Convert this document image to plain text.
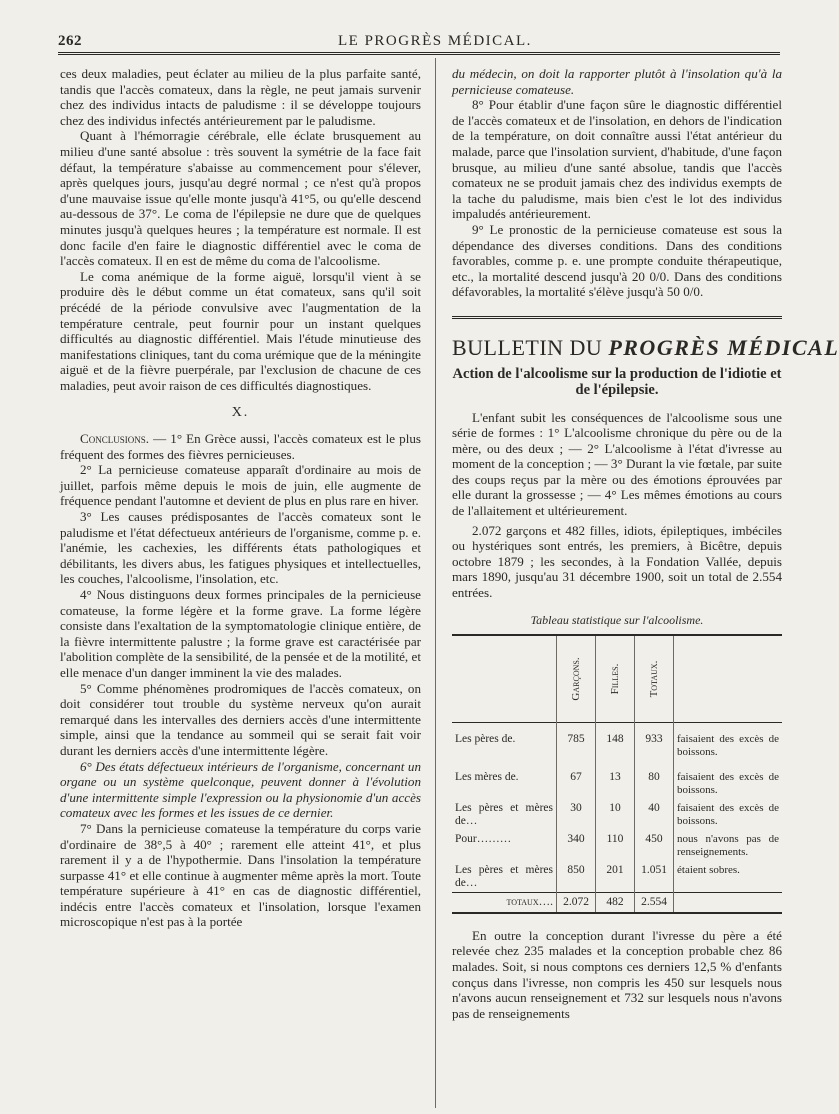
262	LE PROGRÈS MÉDICAL.

ces deux maladies, peut éclater au milieu de la plus parfaite santé, tandis que l'accès comateux, dans la règle, ne peut jamais survenir chez des individus intacts de paludisme : il se développe toujours chez des individus infectés antérieurement par le paludisme.

Quant à l'hémorragie cérébrale, elle éclate brusquement au milieu d'une santé absolue : très souvent la symétrie de la face fait défaut, la température s'abaisse au commencement pour s'élever, après quelques jours, jusqu'au degré normal ; ce n'est qu'à propos d'une mauvaise issue qu'elle monte jusqu'à 41°5, ou qu'elle descend au-dessous de 37°. Le coma de l'épilepsie ne dure que de quelques minutes jusqu'à quelques heures ; la température est normale. Il est donc facile d'en faire le diagnostic différentiel avec le coma de l'accès comateux. Il en est de même du coma de l'alcoolisme.

Le coma anémique de la forme aiguë, lorsqu'il vient à se produire dès le début comme un état comateux, sans qu'il soit précédé de la période convulsive avec l'augmentation de la température centrale, peut fournir pour un instant quelques difficultés au diagnostic différentiel. Mais l'étude minutieuse des manifestations cliniques, tant du coma urémique que de la méningite aiguë et de la fièvre puerpérale, par l'exclusion de chacune de ces maladies, peut avoir raison de ces difficultés diagnostiques.

X.

Conclusions. — 1° En Grèce aussi, l'accès comateux est le plus fréquent des formes des fièvres pernicieuses.

2° La pernicieuse comateuse apparaît d'ordinaire au mois de juillet, parfois même depuis le mois de juin, elle augmente de fréquence pendant l'automne et devient de plus en plus rare en hiver.

3° Les causes prédisposantes de l'accès comateux sont le paludisme et l'état défectueux antérieurs de l'organisme, comme p. e. l'anémie, les cachexies, les différents états pathologiques et débilitants, les divers abus, les fatigues physiques et intellectuelles, les couches, l'alcoolisme, l'insolation, etc.

4° Nous distinguons deux formes principales de la pernicieuse comateuse, la forme légère et la forme grave. La forme légère consiste dans l'exaltation de la symptomatologie clinique entière, de la fièvre intermittente palustre ; la forme grave est caractérisée par l'abolition complète de la sensibilité, de la pensée et de la motilité, et elle menace d'un danger imminent la vie des malades.

5° Comme phénomènes prodromiques de l'accès comateux, on doit considérer tout trouble du système nerveux qu'on aurait remarqué dans les intervalles des derniers accès d'une intermittente simple, ainsi que la tendance au sommeil qui se serait fait voir durant les derniers accès d'une intermittente légère.

6° Des états défectueux intérieurs de l'organisme, concernant un organe ou un système quelconque, peuvent donner à l'évolution d'une intermittente simple l'expression ou la physionomie d'un accès comateux avec les formes et les issues de ce dernier.

7° Dans la pernicieuse comateuse la température du corps varie d'ordinaire de 38°,5 à 40° ; rarement elle atteint 41°, et plus rarement il y a de l'hypothermie. Dans l'insolation la température surpasse 41° et elle continue à augmenter même après la mort. Toute température supérieure à 41° en cas de diagnostic différentiel, indécis entre l'accès comateux et l'insolation, lorsque l'examen microscopique n'est pas à la portée

du médecin, on doit la rapporter plutôt à l'insolation qu'à la pernicieuse comateuse.

8° Pour établir d'une façon sûre le diagnostic différentiel de l'accès comateux et de l'insolation, en dehors de l'indication de la température, on doit connaître aussi l'état antérieur du malade, parce que l'insolation survient, d'habitude, d'une façon brusque, au milieu d'une santé absolue, tandis que l'accès comateux ne se produit jamais chez des individus exempts de la tache du paludisme, mais bien c'est le lot des individus impaludés antérieurement.

9° Le pronostic de la pernicieuse comateuse est sous la dépendance des diverses conditions. Dans des conditions favorables, comme p. e. une prompte conduite thérapeutique, etc., la mortalité descend jusqu'à 20 0/0. Dans des conditions défavorables, la mortalité s'élève jusqu'à 50 0/0.

BULLETIN DU PROGRÈS MÉDICAL
Action de l'alcoolisme sur la production de l'idiotie et de l'épilepsie.

L'enfant subit les conséquences de l'alcoolisme sous une série de formes : 1° L'alcoolisme chronique du père ou de la mère, ou des deux ; — 2° L'alcoolisme à l'état d'ivresse au moment de la conception ; — 3° Durant la vie fœtale, par suite des coups reçus par la mère ou des émotions éprouvées par elle durant la grossesse ; — 4° Les mêmes émotions au cours de l'allaitement et ultérieurement.

2.072 garçons et 482 filles, idiots, épileptiques, imbéciles ou hystériques sont entrés, les premiers, à Bicêtre, depuis octobre 1879 ; les secondes, à la Fondation Vallée, depuis mars 1890, jusqu'au 31 décembre 1900, soit un total de 2.554 entrées.

Tableau statistique sur l'alcoolisme.

	Garçons.	Filles.	Totaux.	

Les pères de.	785	148	933	faisaient des excès de boissons.
Les mères de.	67	13	80	faisaient des excès de boissons.
Les pères et mères de…	30	10	40	faisaient des excès de boissons.
Pour………	340	110	450	nous n'avons pas de renseignements.
Les pères et mères de…	850	201	1.051	étaient sobres.
totaux….	2.072	482	2.554	

En outre la conception durant l'ivresse du père a été relevée chez 235 malades et la conception probable chez 86 malades. Soit, si nous comptons ces derniers 12,5 % d'enfants conçus dans l'ivresse, non compris les 450 sur lesquels nous n'avons aucun renseignement et 732 sur lesquels nous n'avons pas de renseignements
